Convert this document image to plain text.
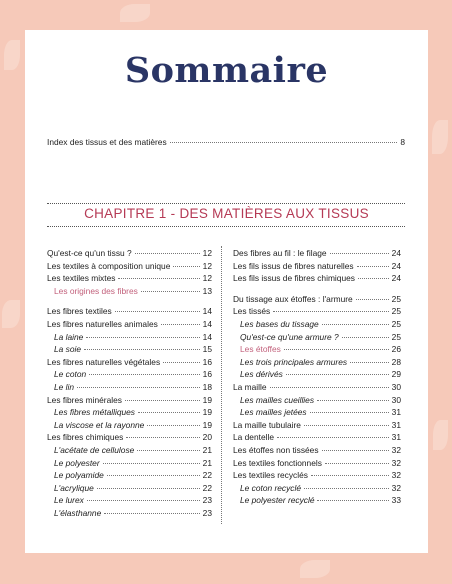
Sommaire
Index des tissus et des matières	8
CHAPITRE 1 - DES MATIÈRES AUX TISSUS
Qu'est-ce qu'un tissu ?	12
Les textiles à composition unique	12
Les textiles mixtes	12
Les origines des fibres	13
Les fibres textiles	14
Les fibres naturelles animales	14
La laine	14
La soie	15
Les fibres naturelles végétales	16
Le coton	16
Le lin	18
Les fibres minérales	19
Les fibres métalliques	19
La viscose et la rayonne	19
Les fibres chimiques	20
L'acétate de cellulose	21
Le polyester	21
Le polyamide	22
L'acrylique	22
Le lurex	23
L'élasthanne	23
Des fibres au fil : le filage	24
Les fils issus de fibres naturelles	24
Les fils issus de fibres chimiques	24
Du tissage aux étoffes : l'armure	25
Les tissés	25
Les bases du tissage	25
Qu'est-ce qu'une armure ?	25
Les étoffes	26
Les trois principales armures	28
Les dérivés	29
La maille	30
Les mailles cueillies	30
Les mailles jetées	31
La maille tubulaire	31
La dentelle	31
Les étoffes non tissées	32
Les textiles fonctionnels	32
Les textiles recyclés	32
Le coton recyclé	32
Le polyester recyclé	33
